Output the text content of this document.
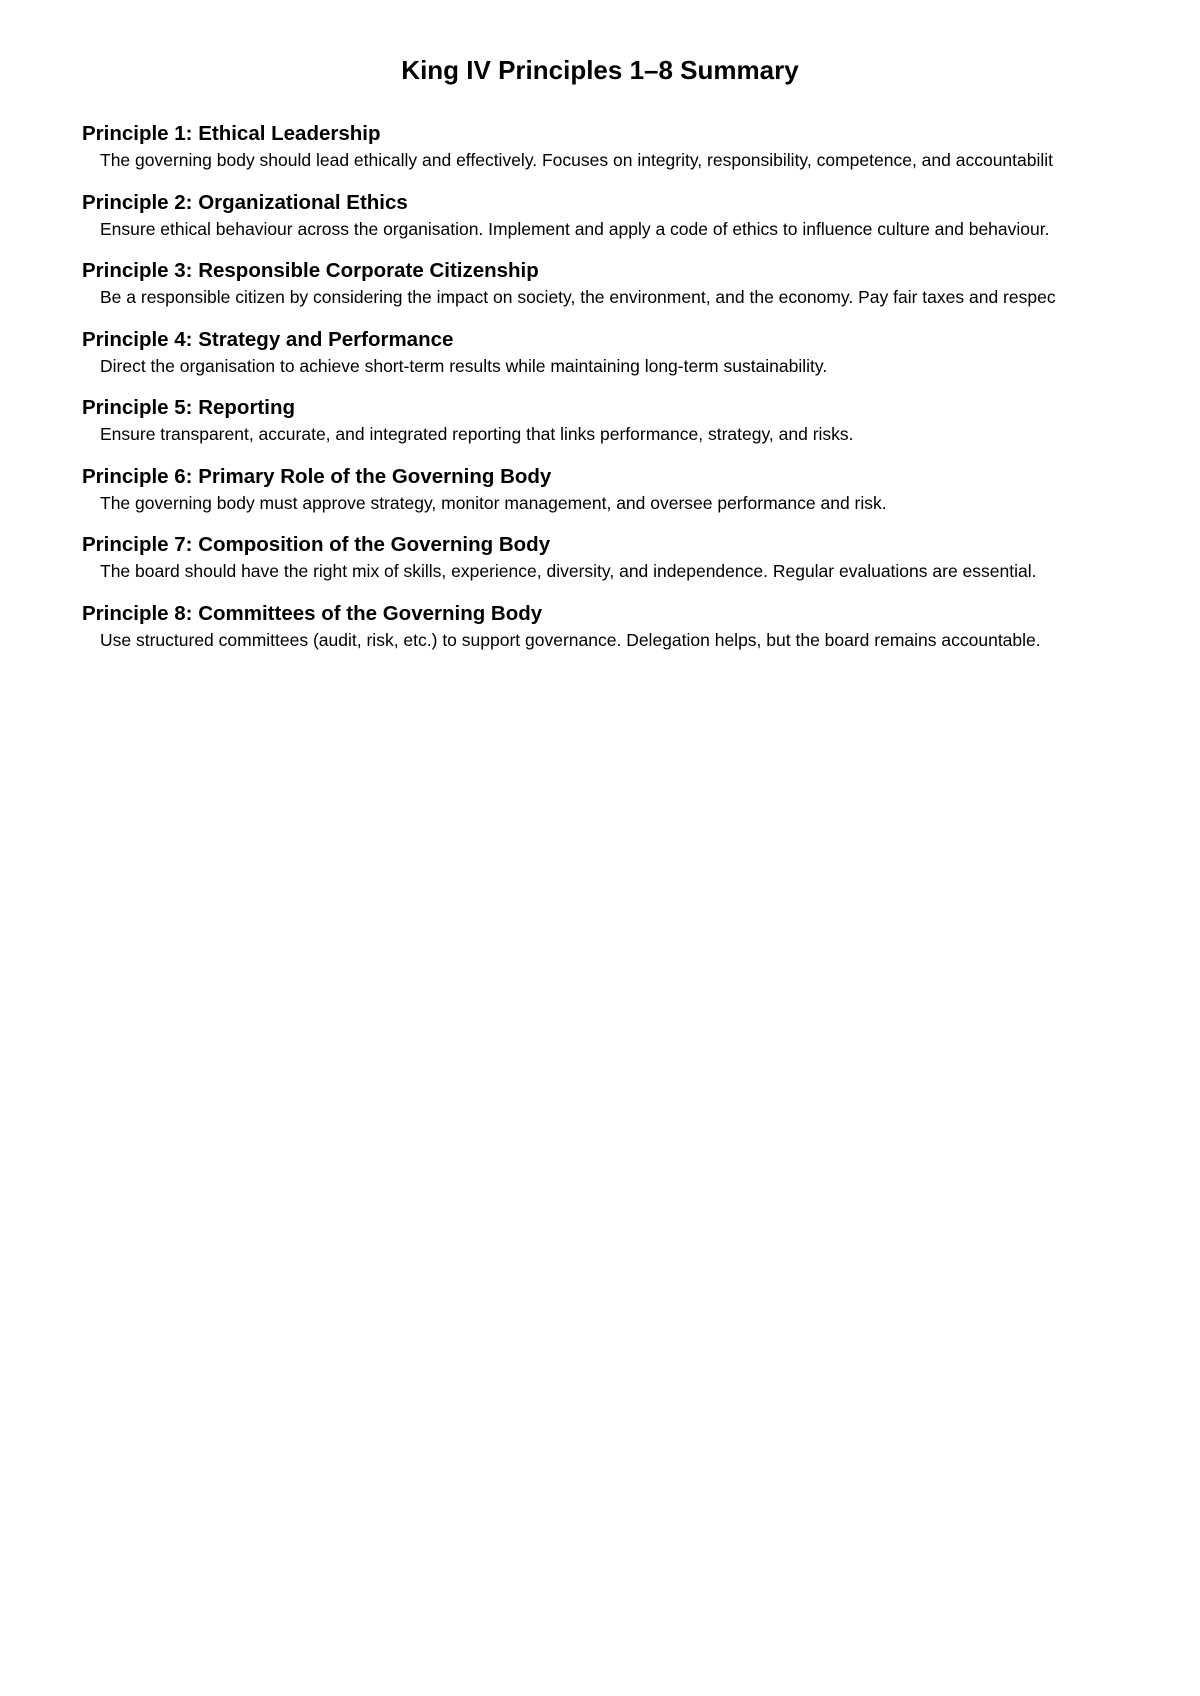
King IV Principles 1–8 Summary
Principle 1: Ethical Leadership

The governing body should lead ethically and effectively. Focuses on integrity, responsibility, competence, and accountabilit

Principle 2: Organizational Ethics

Ensure ethical behaviour across the organisation. Implement and apply a code of ethics to influence culture and behaviour.

Principle 3: Responsible Corporate Citizenship

Be a responsible citizen by considering the impact on society, the environment, and the economy. Pay fair taxes and respec

Principle 4: Strategy and Performance

Direct the organisation to achieve short-term results while maintaining long-term sustainability.

Principle 5: Reporting

Ensure transparent, accurate, and integrated reporting that links performance, strategy, and risks.

Principle 6: Primary Role of the Governing Body

The governing body must approve strategy, monitor management, and oversee performance and risk.

Principle 7: Composition of the Governing Body

The board should have the right mix of skills, experience, diversity, and independence. Regular evaluations are essential.

Principle 8: Committees of the Governing Body

Use structured committees (audit, risk, etc.) to support governance. Delegation helps, but the board remains accountable.
